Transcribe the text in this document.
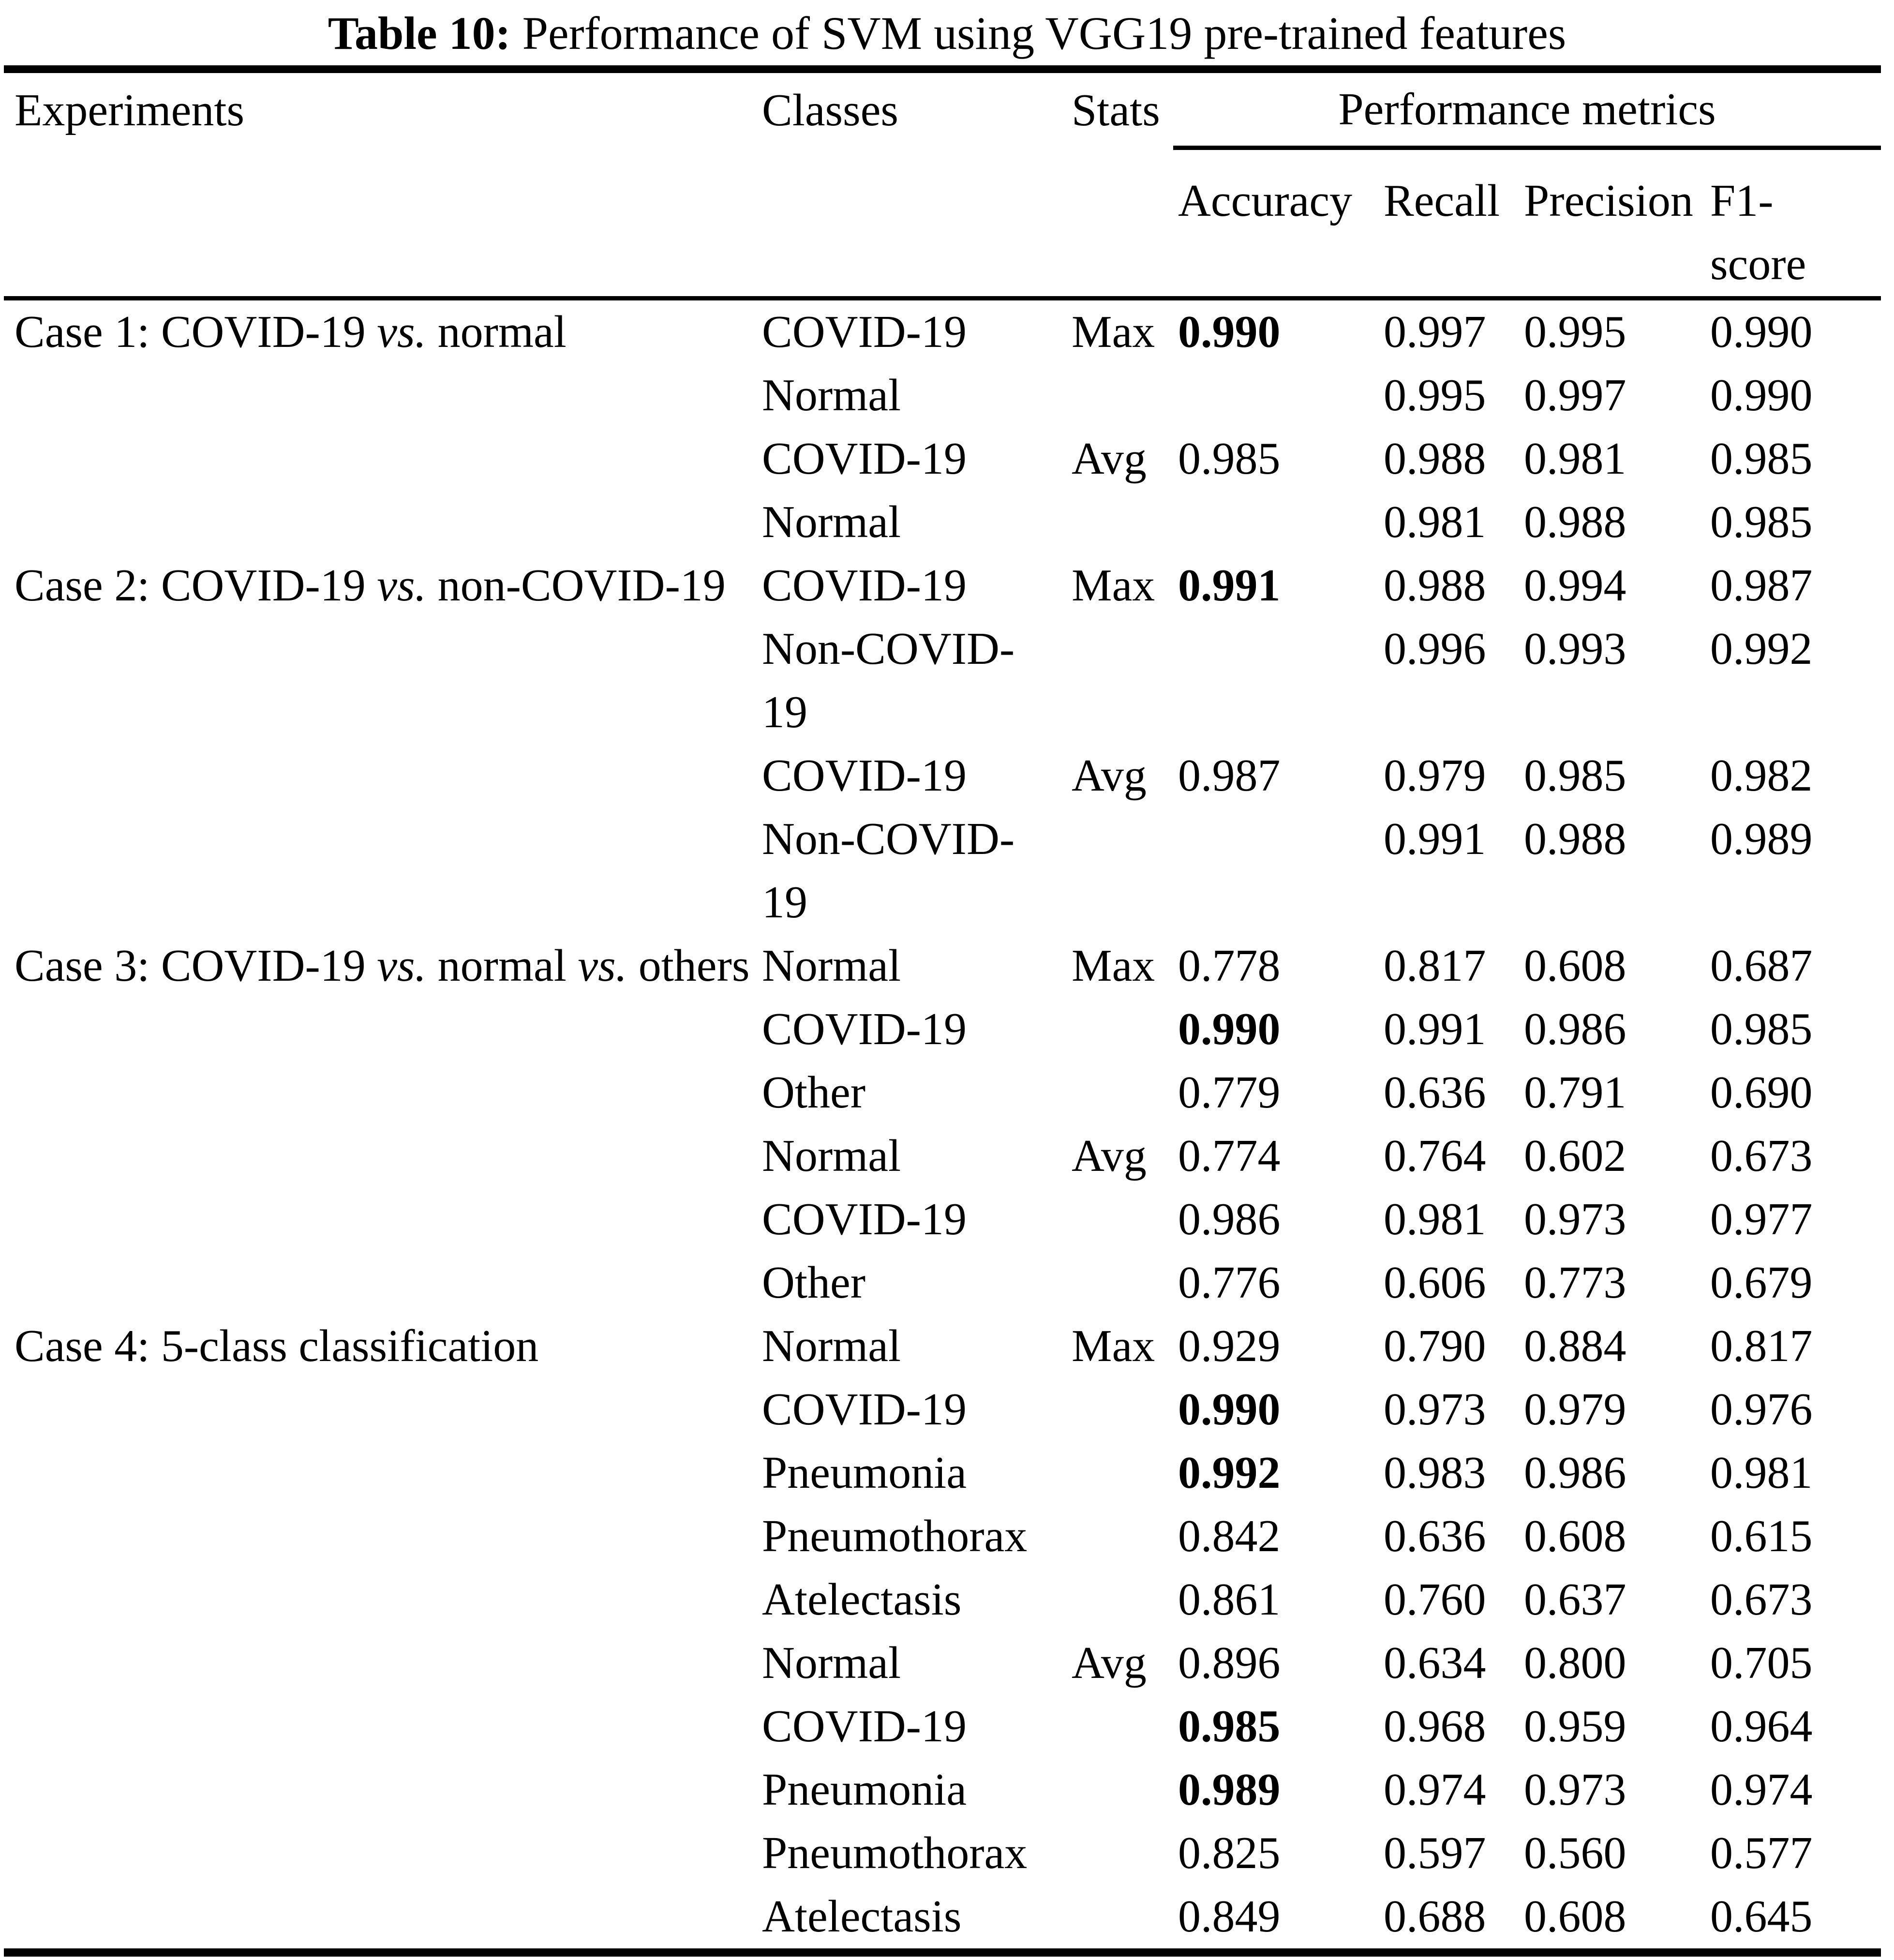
Table 10: Performance of SVM using VGG19 pre-trained features
Experiments	Classes	Stats	Performance metrics			
			Accuracy	Recall	Precision	F1-score
Case 1: COVID-19 vs. normal	COVID-19	Max	0.990	0.997	0.995	0.990
	Normal			0.995	0.997	0.990
	COVID-19	Avg	0.985	0.988	0.981	0.985
	Normal			0.981	0.988	0.985
Case 2: COVID-19 vs. non-COVID-19	COVID-19	Max	0.991	0.988	0.994	0.987
	Non-COVID-19			0.996	0.993	0.992
	COVID-19	Avg	0.987	0.979	0.985	0.982
	Non-COVID-19			0.991	0.988	0.989
Case 3: COVID-19 vs. normal vs. others	Normal	Max	0.778	0.817	0.608	0.687
	COVID-19		0.990	0.991	0.986	0.985
	Other		0.779	0.636	0.791	0.690
	Normal	Avg	0.774	0.764	0.602	0.673
	COVID-19		0.986	0.981	0.973	0.977
	Other		0.776	0.606	0.773	0.679
Case 4: 5-class classification	Normal	Max	0.929	0.790	0.884	0.817
	COVID-19		0.990	0.973	0.979	0.976
	Pneumonia		0.992	0.983	0.986	0.981
	Pneumothorax		0.842	0.636	0.608	0.615
	Atelectasis		0.861	0.760	0.637	0.673
	Normal	Avg	0.896	0.634	0.800	0.705
	COVID-19		0.985	0.968	0.959	0.964
	Pneumonia		0.989	0.974	0.973	0.974
	Pneumothorax		0.825	0.597	0.560	0.577
	Atelectasis		0.849	0.688	0.608	0.645
